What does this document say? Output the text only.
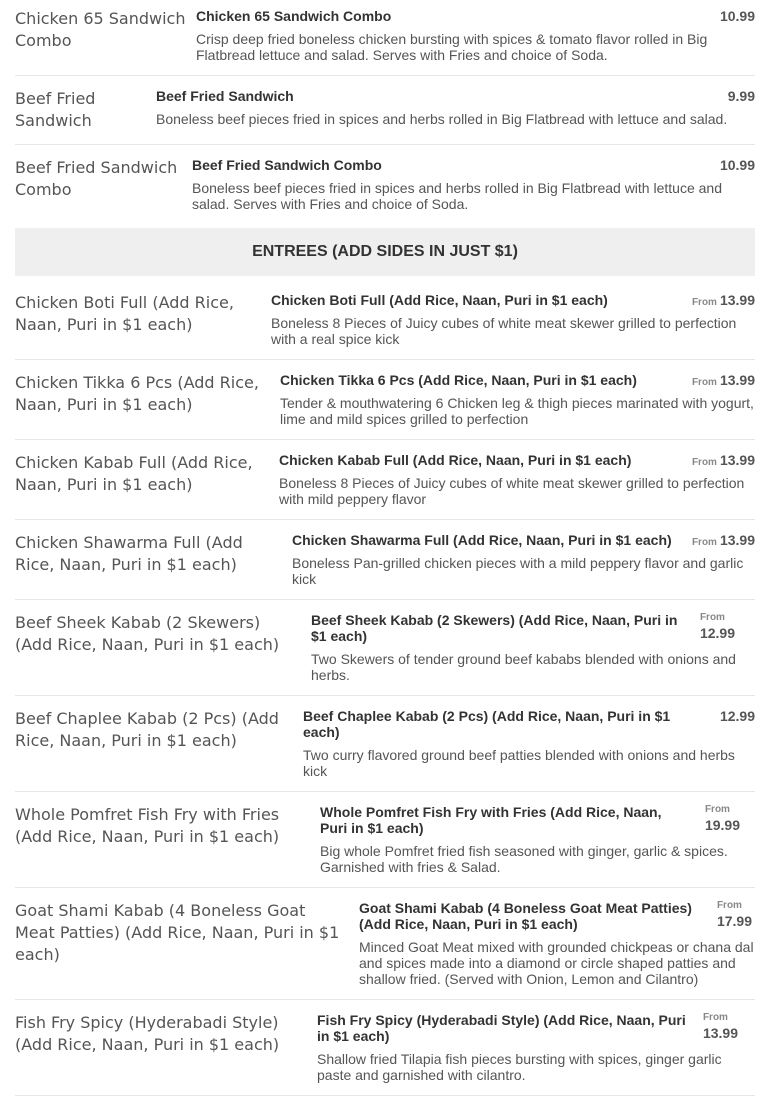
Chicken 65 Sandwich Combo
Chicken 65 Sandwich Combo
Crisp deep fried boneless chicken bursting with spices & tomato flavor rolled in Big Flatbread lettuce and salad. Serves with Fries and choice of Soda.
10.99
Beef Fried Sandwich
Beef Fried Sandwich
Boneless beef pieces fried in spices and herbs rolled in Big Flatbread with lettuce and salad.
9.99
Beef Fried Sandwich Combo
Beef Fried Sandwich Combo
Boneless beef pieces fried in spices and herbs rolled in Big Flatbread with lettuce and salad. Serves with Fries and choice of Soda.
10.99
ENTREES (ADD SIDES IN JUST $1)
Chicken Boti Full (Add Rice, Naan, Puri in $1 each)
Chicken Boti Full (Add Rice, Naan, Puri in $1 each)
Boneless 8 Pieces of Juicy cubes of white meat skewer grilled to perfection with a real spice kick
From 13.99
Chicken Tikka 6 Pcs (Add Rice, Naan, Puri in $1 each)
Chicken Tikka 6 Pcs (Add Rice, Naan, Puri in $1 each)
Tender & mouthwatering 6 Chicken leg & thigh pieces marinated with yogurt, lime and mild spices grilled to perfection
From 13.99
Chicken Kabab Full (Add Rice, Naan, Puri in $1 each)
Chicken Kabab Full (Add Rice, Naan, Puri in $1 each)
Boneless 8 Pieces of Juicy cubes of white meat skewer grilled to perfection with mild peppery flavor
From 13.99
Chicken Shawarma Full (Add Rice, Naan, Puri in $1 each)
Chicken Shawarma Full (Add Rice, Naan, Puri in $1 each)
Boneless Pan-grilled chicken pieces with a mild peppery flavor and garlic kick
From 13.99
Beef Sheek Kabab (2 Skewers) (Add Rice, Naan, Puri in $1 each)
Beef Sheek Kabab (2 Skewers) (Add Rice, Naan, Puri in $1 each)
Two Skewers of tender ground beef kababs blended with onions and herbs.
From
12.99
Beef Chaplee Kabab (2 Pcs) (Add Rice, Naan, Puri in $1 each)
Beef Chaplee Kabab (2 Pcs) (Add Rice, Naan, Puri in $1 each)
Two curry flavored ground beef patties blended with onions and herbs kick
12.99
Whole Pomfret Fish Fry with Fries (Add Rice, Naan, Puri in $1 each)
Whole Pomfret Fish Fry with Fries (Add Rice, Naan, Puri in $1 each)
Big whole Pomfret fried fish seasoned with ginger, garlic & spices. Garnished with fries & Salad.
From
19.99
Goat Shami Kabab (4 Boneless Goat Meat Patties) (Add Rice, Naan, Puri in $1 each)
Goat Shami Kabab (4 Boneless Goat Meat Patties) (Add Rice, Naan, Puri in $1 each)
Minced Goat Meat mixed with grounded chickpeas or chana dal and spices made into a diamond or circle shaped patties and shallow fried. (Served with Onion, Lemon and Cilantro)
From
17.99
Fish Fry Spicy (Hyderabadi Style) (Add Rice, Naan, Puri in $1 each)
Fish Fry Spicy (Hyderabadi Style) (Add Rice, Naan, Puri in $1 each)
Shallow fried Tilapia fish pieces bursting with spices, ginger garlic paste and garnished with cilantro.
From
13.99
